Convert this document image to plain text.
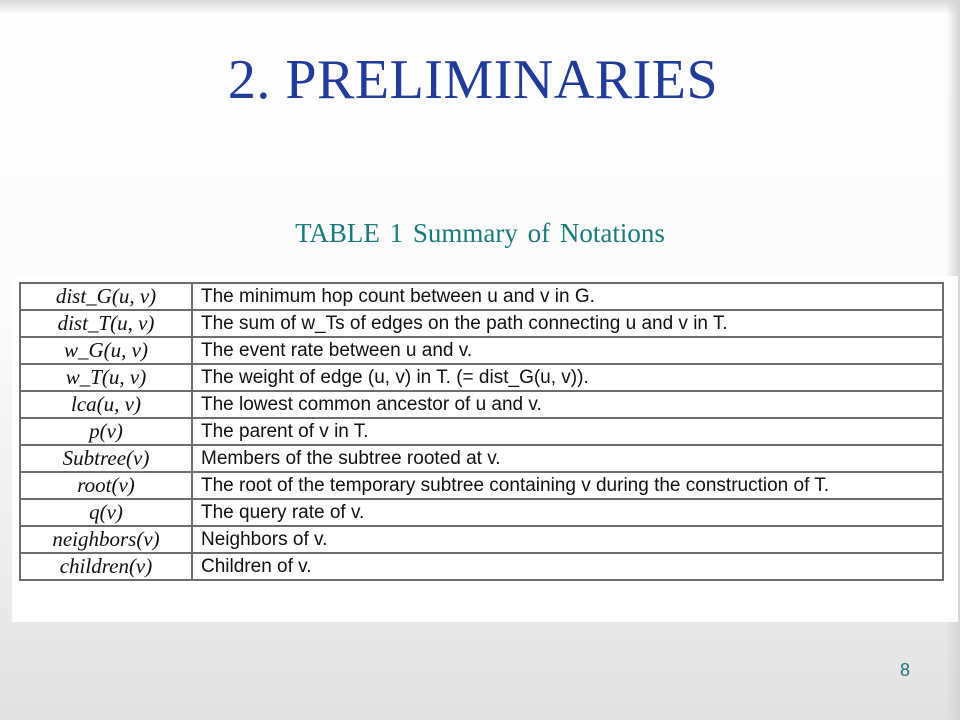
2. PRELIMINARIES
TABLE 1 Summary of Notations
dist_G(u, v)	The minimum hop count between u and v in G.
dist_T(u, v)	The sum of w_Ts of edges on the path connecting u and v in T.
w_G(u, v)	The event rate between u and v.
w_T(u, v)	The weight of edge (u, v) in T. (= dist_G(u, v)).
lca(u, v)	The lowest common ancestor of u and v.
p(v)	The parent of v in T.
Subtree(v)	Members of the subtree rooted at v.
root(v)	The root of the temporary subtree containing v during the construction of T.
q(v)	The query rate of v.
neighbors(v)	Neighbors of v.
children(v)	Children of v.
8
